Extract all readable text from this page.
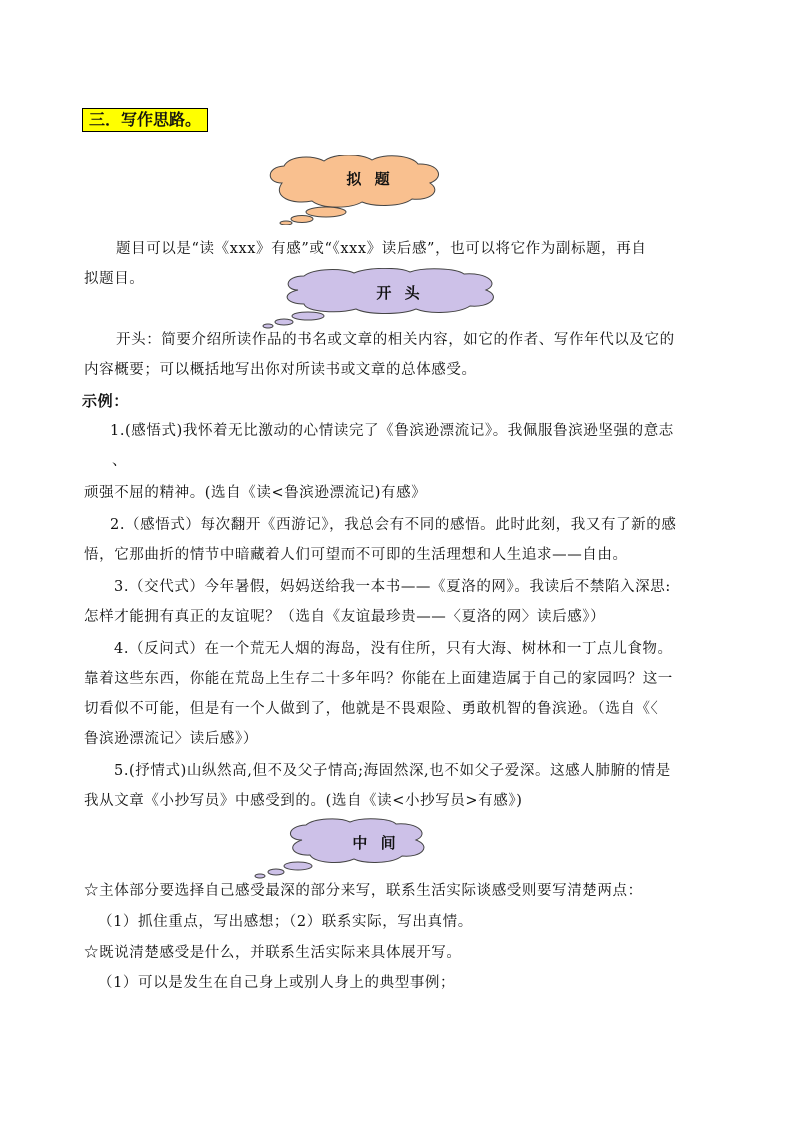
三．写作思路。
拟 题
题目可以是“读《xxx》有感”或“《xxx》读后感”，也可以将它作为副标题，再自
拟题目。
开 头
开头：简要介绍所读作品的书名或文章的相关内容，如它的作者、写作年代以及它的
内容概要；可以概括地写出你对所读书或文章的总体感受。
示例：
1.(感悟式)我怀着无比激动的心情读完了《鲁滨逊漂流记》。我佩服鲁滨逊坚强的意志
、
顽强不屈的精神。(选自《读<鲁滨逊漂流记)有感》
2.（感悟式）每次翻开《西游记》，我总会有不同的感悟。此时此刻，我又有了新的感
悟，它那曲折的情节中暗藏着人们可望而不可即的生活理想和人生追求——自由。
3.（交代式）今年暑假，妈妈送给我一本书——《夏洛的网》。我读后不禁陷入深思:
怎样才能拥有真正的友谊呢？（选自《友谊最珍贵——〈夏洛的网〉读后感》）
4.（反问式）在一个荒无人烟的海岛，没有住所，只有大海、树林和一丁点儿食物。
靠着这些东西，你能在荒岛上生存二十多年吗？你能在上面建造属于自己的家园吗？这一
切看似不可能，但是有一个人做到了，他就是不畏艰险、勇敢机智的鲁滨逊。（选自《〈
鲁滨逊漂流记〉读后感》）
5.(抒情式)山纵然高,但不及父子情高;海固然深,也不如父子爱深。这感人肺腑的情是
我从文章《小抄写员》中感受到的。(选自《读<小抄写员>有感》)
中 间
☆主体部分要选择自己感受最深的部分来写，联系生活实际谈感受则要写清楚两点：
（1）抓住重点，写出感想；（2）联系实际，写出真情。
☆既说清楚感受是什么，并联系生活实际来具体展开写。
（1）可以是发生在自己身上或别人身上的典型事例；
